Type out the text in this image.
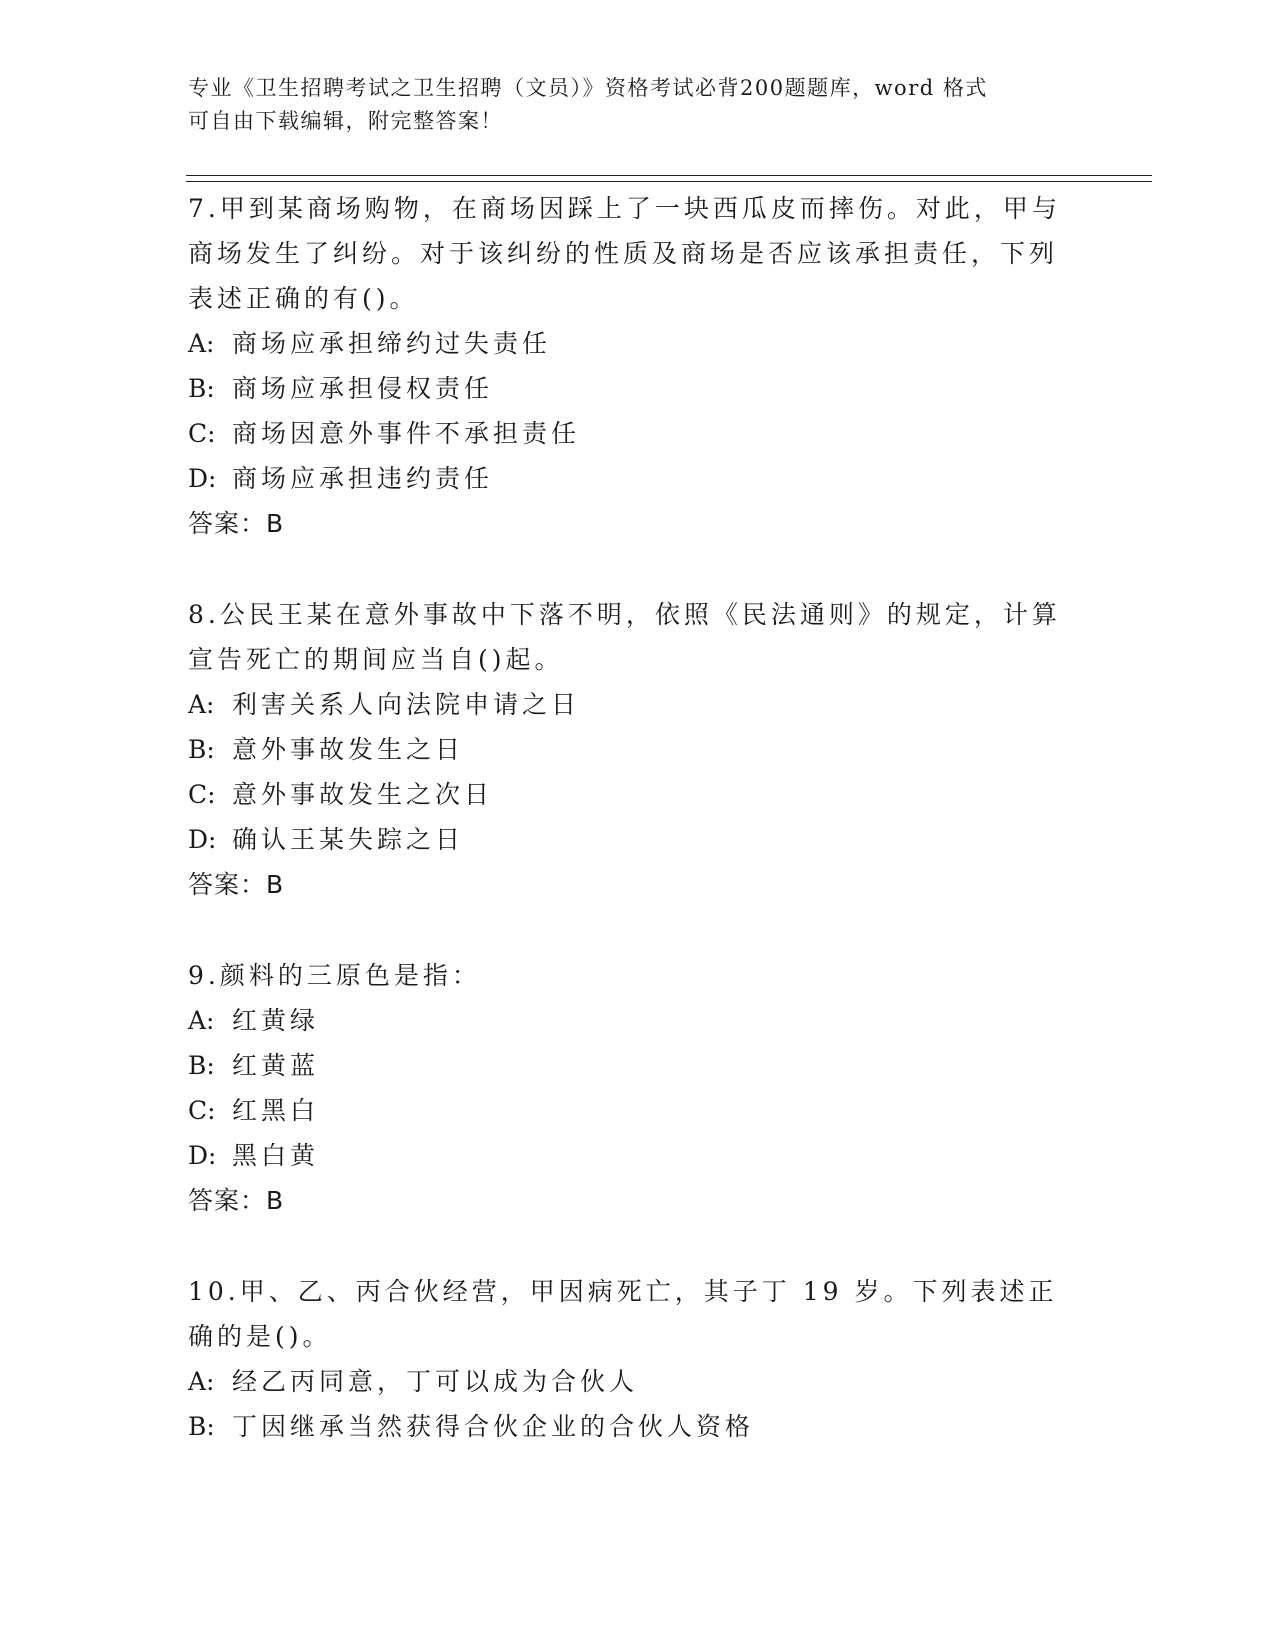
专业《卫生招聘考试之卫生招聘（文员）》资格考试必背200题题库，word 格式
可自由下载编辑，附完整答案！
7.甲到某商场购物，在商场因踩上了一块西瓜皮而摔伤。对此，甲与商场发生了纠纷。对于该纠纷的性质及商场是否应该承担责任，下列表述正确的有()。
A: 商场应承担缔约过失责任
B: 商场应承担侵权责任
C: 商场因意外事件不承担责任
D: 商场应承担违约责任
答案：B
8.公民王某在意外事故中下落不明，依照《民法通则》的规定，计算宣告死亡的期间应当自()起。
A: 利害关系人向法院申请之日
B: 意外事故发生之日
C: 意外事故发生之次日
D: 确认王某失踪之日
答案：B
9.颜料的三原色是指：
A: 红黄绿
B: 红黄蓝
C: 红黑白
D: 黑白黄
答案：B
10.甲、乙、丙合伙经营，甲因病死亡，其子丁 19 岁。下列表述正确的是()。
A: 经乙丙同意，丁可以成为合伙人
B: 丁因继承当然获得合伙企业的合伙人资格
